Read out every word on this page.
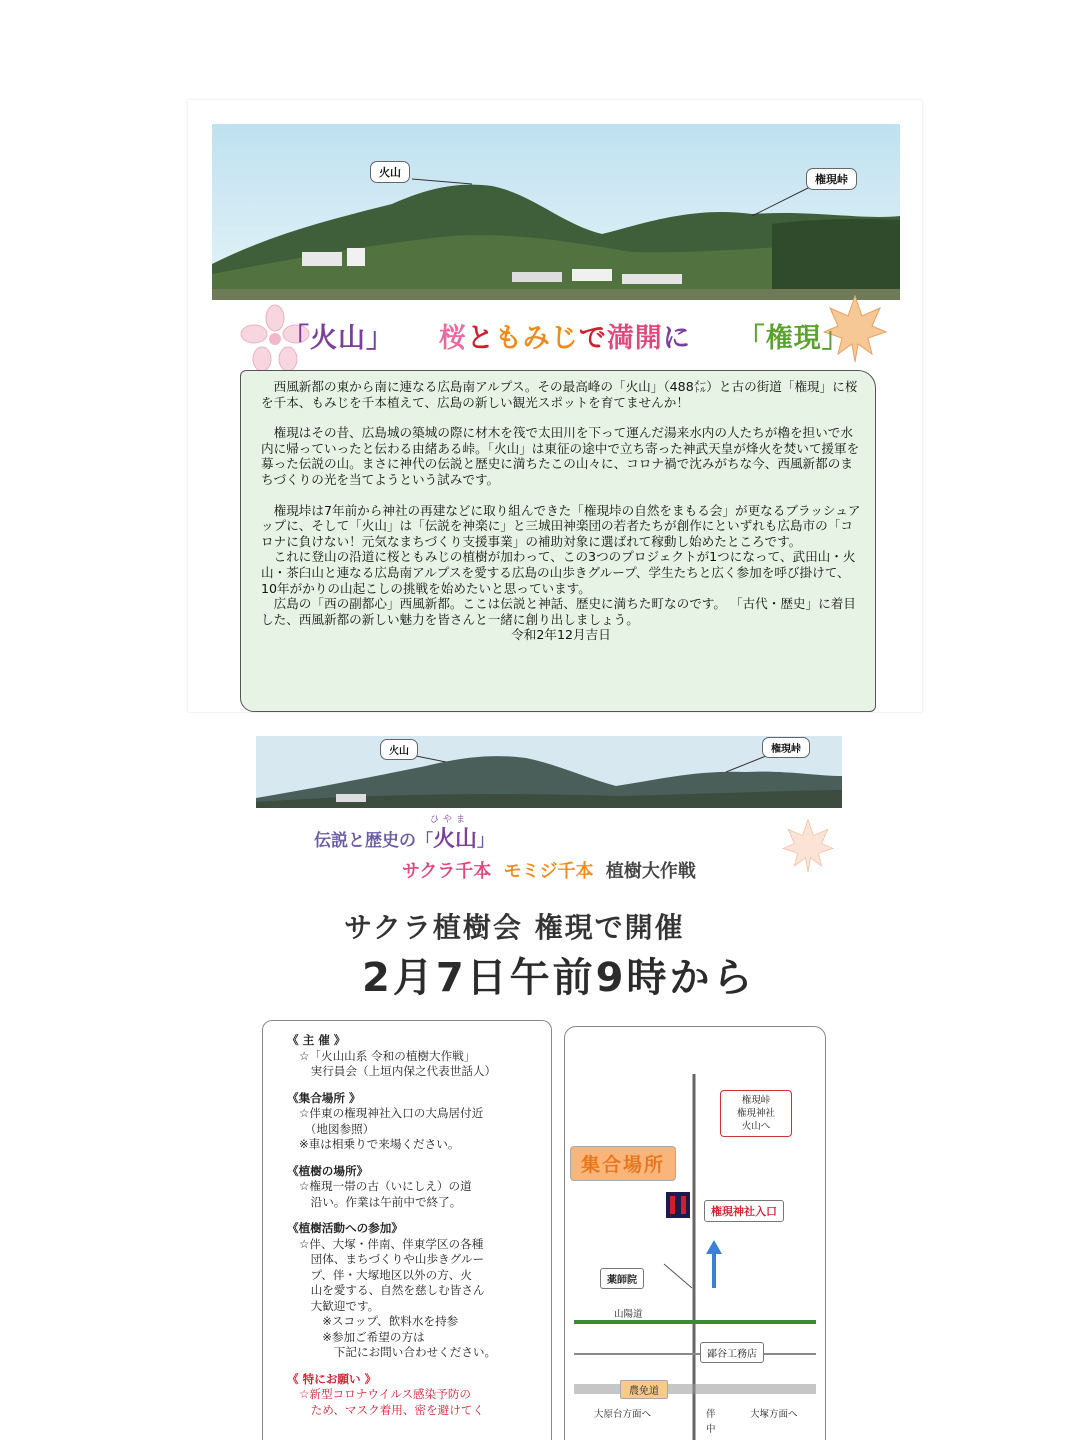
火山
権現峠
「火山」 桜ともみじで満開に 「権現」

西風新都の東から南に連なる広島南アルプス。その最高峰の「火山」（488㍍）と古の街道「権現」に桜を千本、もみじを千本植えて、広島の新しい観光スポットを育てませんか！

権現はその昔、広島城の築城の際に材木を筏で太田川を下って運んだ湯来水内の人たちが櫓を担いで水内に帰っていったと伝わる由緒ある峠。「火山」は東征の途中で立ち寄った神武天皇が烽火を焚いて援軍を募った伝説の山。まさに神代の伝説と歴史に満ちたこの山々に、コロナ禍で沈みがちな今、西風新都のまちづくりの光を当てようという試みです。

権現垰は7年前から神社の再建などに取り組んできた「権現垰の自然をまもる会」が更なるブラッシュアップに、そして「火山」は「伝説を神楽に」と三城田神楽団の若者たちが創作にといずれも広島市の「コロナに負けない！元気なまちづくり支援事業」の補助対象に選ばれて稼動し始めたところです。

これに登山の沿道に桜ともみじの植樹が加わって、この3つのプロジェクトが1つになって、武田山・火山・茶臼山と連なる広島南アルプスを愛する広島の山歩きグループ、学生たちと広く参加を呼び掛けて、10年がかりの山起こしの挑戦を始めたいと思っています。

広島の「西の副都心」西風新都。ここは伝説と神話、歴史に満ちた町なのです。 「古代・歴史」に着目した、西風新都の新しい魅力を皆さんと一緒に創り出しましょう。

令和2年12月吉日

火山	権現峠
ひやま
伝説と歴史の「火山」
サクラ千本 モミジ千本 植樹大作戦
サクラ植樹会 権現で開催
2月7日午前9時から

《 主 催 》

☆「火山山系 令和の植樹大作戦」
　実行員会（上垣内保之代表世話人）

《集合場所 》

☆伴東の権現神社入口の大鳥居付近
　（地図参照）
※車は相乗りで来場ください。

《植樹の場所》

☆権現一帯の古（いにしえ）の道
　沿い。作業は午前中で終了。

《植樹活動への参加》

☆伴、大塚・伴南、伴東学区の各種
　団体、まちづくりや山歩きグルー
　プ、伴・大塚地区以外の方、火
　山を愛する、自然を慈しむ皆さん
　大歓迎です。
　　※スコップ、飲料水を持参
　　※参加ご希望の方は
　　　下記にお問い合わせください。

《 特にお願い 》

☆新型コロナウイルス感染予防の
　ため、マスク着用、密を避けてく

権現峠
権現神社
火山へ
集合場所
権現神社入口
薬師院
山陽道
鄙谷工務店
農免道
大原台方面へ	伴
中
大塚方面へ
